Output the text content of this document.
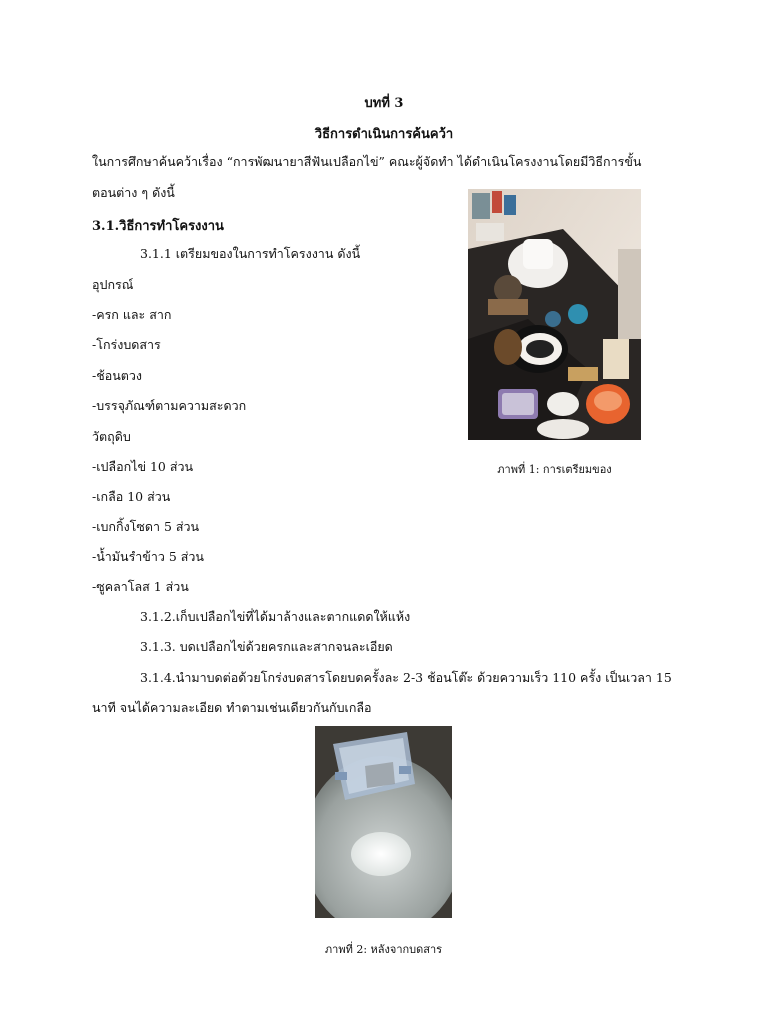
บทที่ 3
วิธีการดำเนินการค้นคว้า
ในการศึกษาค้นคว้าเรื่อง “การพัฒนายาสีฟันเปลือกไข่” คณะผู้จัดทำ ได้ดำเนินโครงงานโดยมีวิธีการขั้น
ตอนต่าง ๆ ดังนี้
3.1.วิธีการทำโครงงาน
3.1.1 เตรียมของในการทำโครงงาน ดังนี้
อุปกรณ์
-ครก และ สาก
-โกร่งบดสาร
-ช้อนตวง
-บรรจุภัณฑ์ตามความสะดวก
วัตถุดิบ
-เปลือกไข่ 10 ส่วน
-เกลือ 10 ส่วน
-เบกกิ้งโซดา 5 ส่วน
-น้ำมันรำข้าว 5 ส่วน
-ซูคลาโลส 1 ส่วน
3.1.2.เก็บเปลือกไข่ที่ได้มาล้างและตากแดดให้แห้ง
3.1.3. บดเปลือกไข่ด้วยครกและสากจนละเอียด
3.1.4.นำมาบดต่อด้วยโกร่งบดสารโดยบดครั้งละ 2-3 ช้อนโต๊ะ ด้วยความเร็ว 110 ครั้ง เป็นเวลา 15
นาที จนได้ความละเอียด ทำตามเช่นเดียวกันกับเกลือ
ภาพที่ 1: การเตรียมของ
ภาพที่ 2: หลังจากบดสาร
